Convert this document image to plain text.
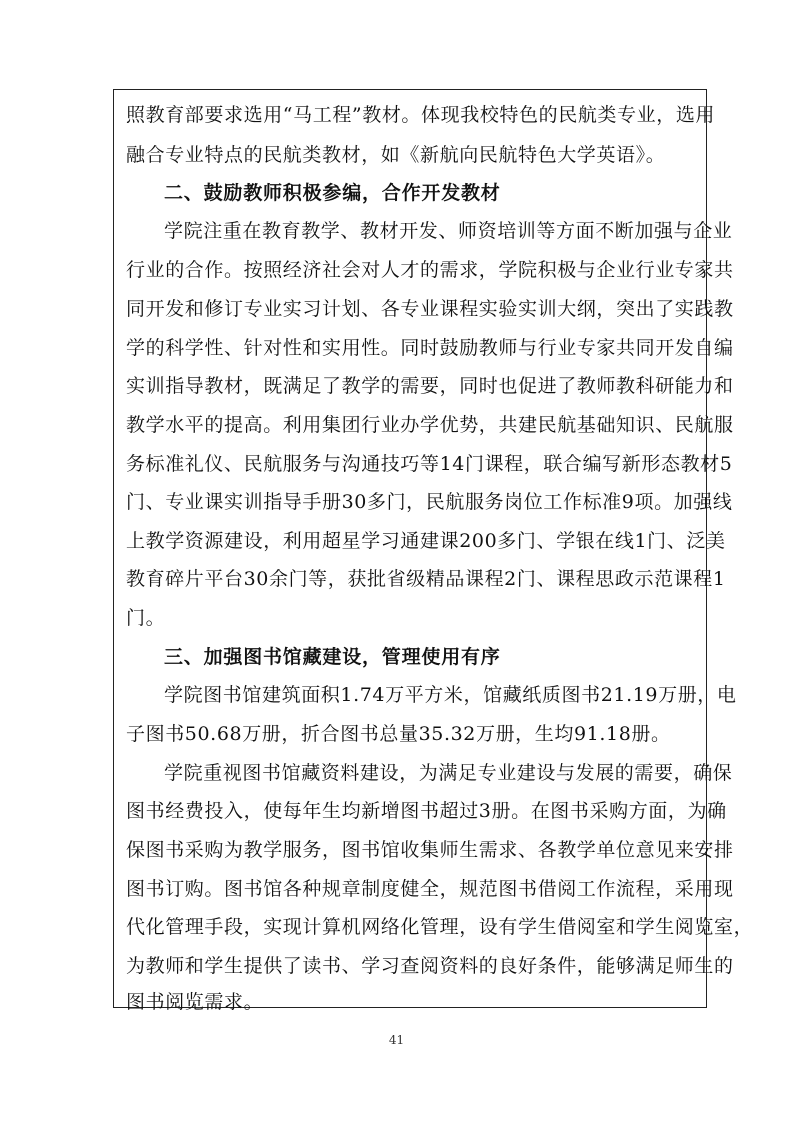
照教育部要求选用“马工程”教材。体现我校特色的民航类专业，选用
融合专业特点的民航类教材，如《新航向民航特色大学英语》。
二、鼓励教师积极参编，合作开发教材
学院注重在教育教学、教材开发、师资培训等方面不断加强与企业
行业的合作。按照经济社会对人才的需求，学院积极与企业行业专家共
同开发和修订专业实习计划、各专业课程实验实训大纲，突出了实践教
学的科学性、针对性和实用性。同时鼓励教师与行业专家共同开发自编
实训指导教材，既满足了教学的需要，同时也促进了教师教科研能力和
教学水平的提高。利用集团行业办学优势，共建民航基础知识、民航服
务标准礼仪、民航服务与沟通技巧等14门课程，联合编写新形态教材5
门、专业课实训指导手册30多门，民航服务岗位工作标准9项。加强线
上教学资源建设，利用超星学习通建课200多门、学银在线1门、泛美
教育碎片平台30余门等，获批省级精品课程2门、课程思政示范课程1
门。
三、加强图书馆藏建设，管理使用有序
学院图书馆建筑面积1.74万平方米，馆藏纸质图书21.19万册，电
子图书50.68万册，折合图书总量35.32万册，生均91.18册。
学院重视图书馆藏资料建设，为满足专业建设与发展的需要，确保
图书经费投入，使每年生均新增图书超过3册。在图书采购方面，为确
保图书采购为教学服务，图书馆收集师生需求、各教学单位意见来安排
图书订购。图书馆各种规章制度健全，规范图书借阅工作流程，采用现
代化管理手段，实现计算机网络化管理，设有学生借阅室和学生阅览室，
为教师和学生提供了读书、学习查阅资料的良好条件，能够满足师生的
图书阅览需求。
41
